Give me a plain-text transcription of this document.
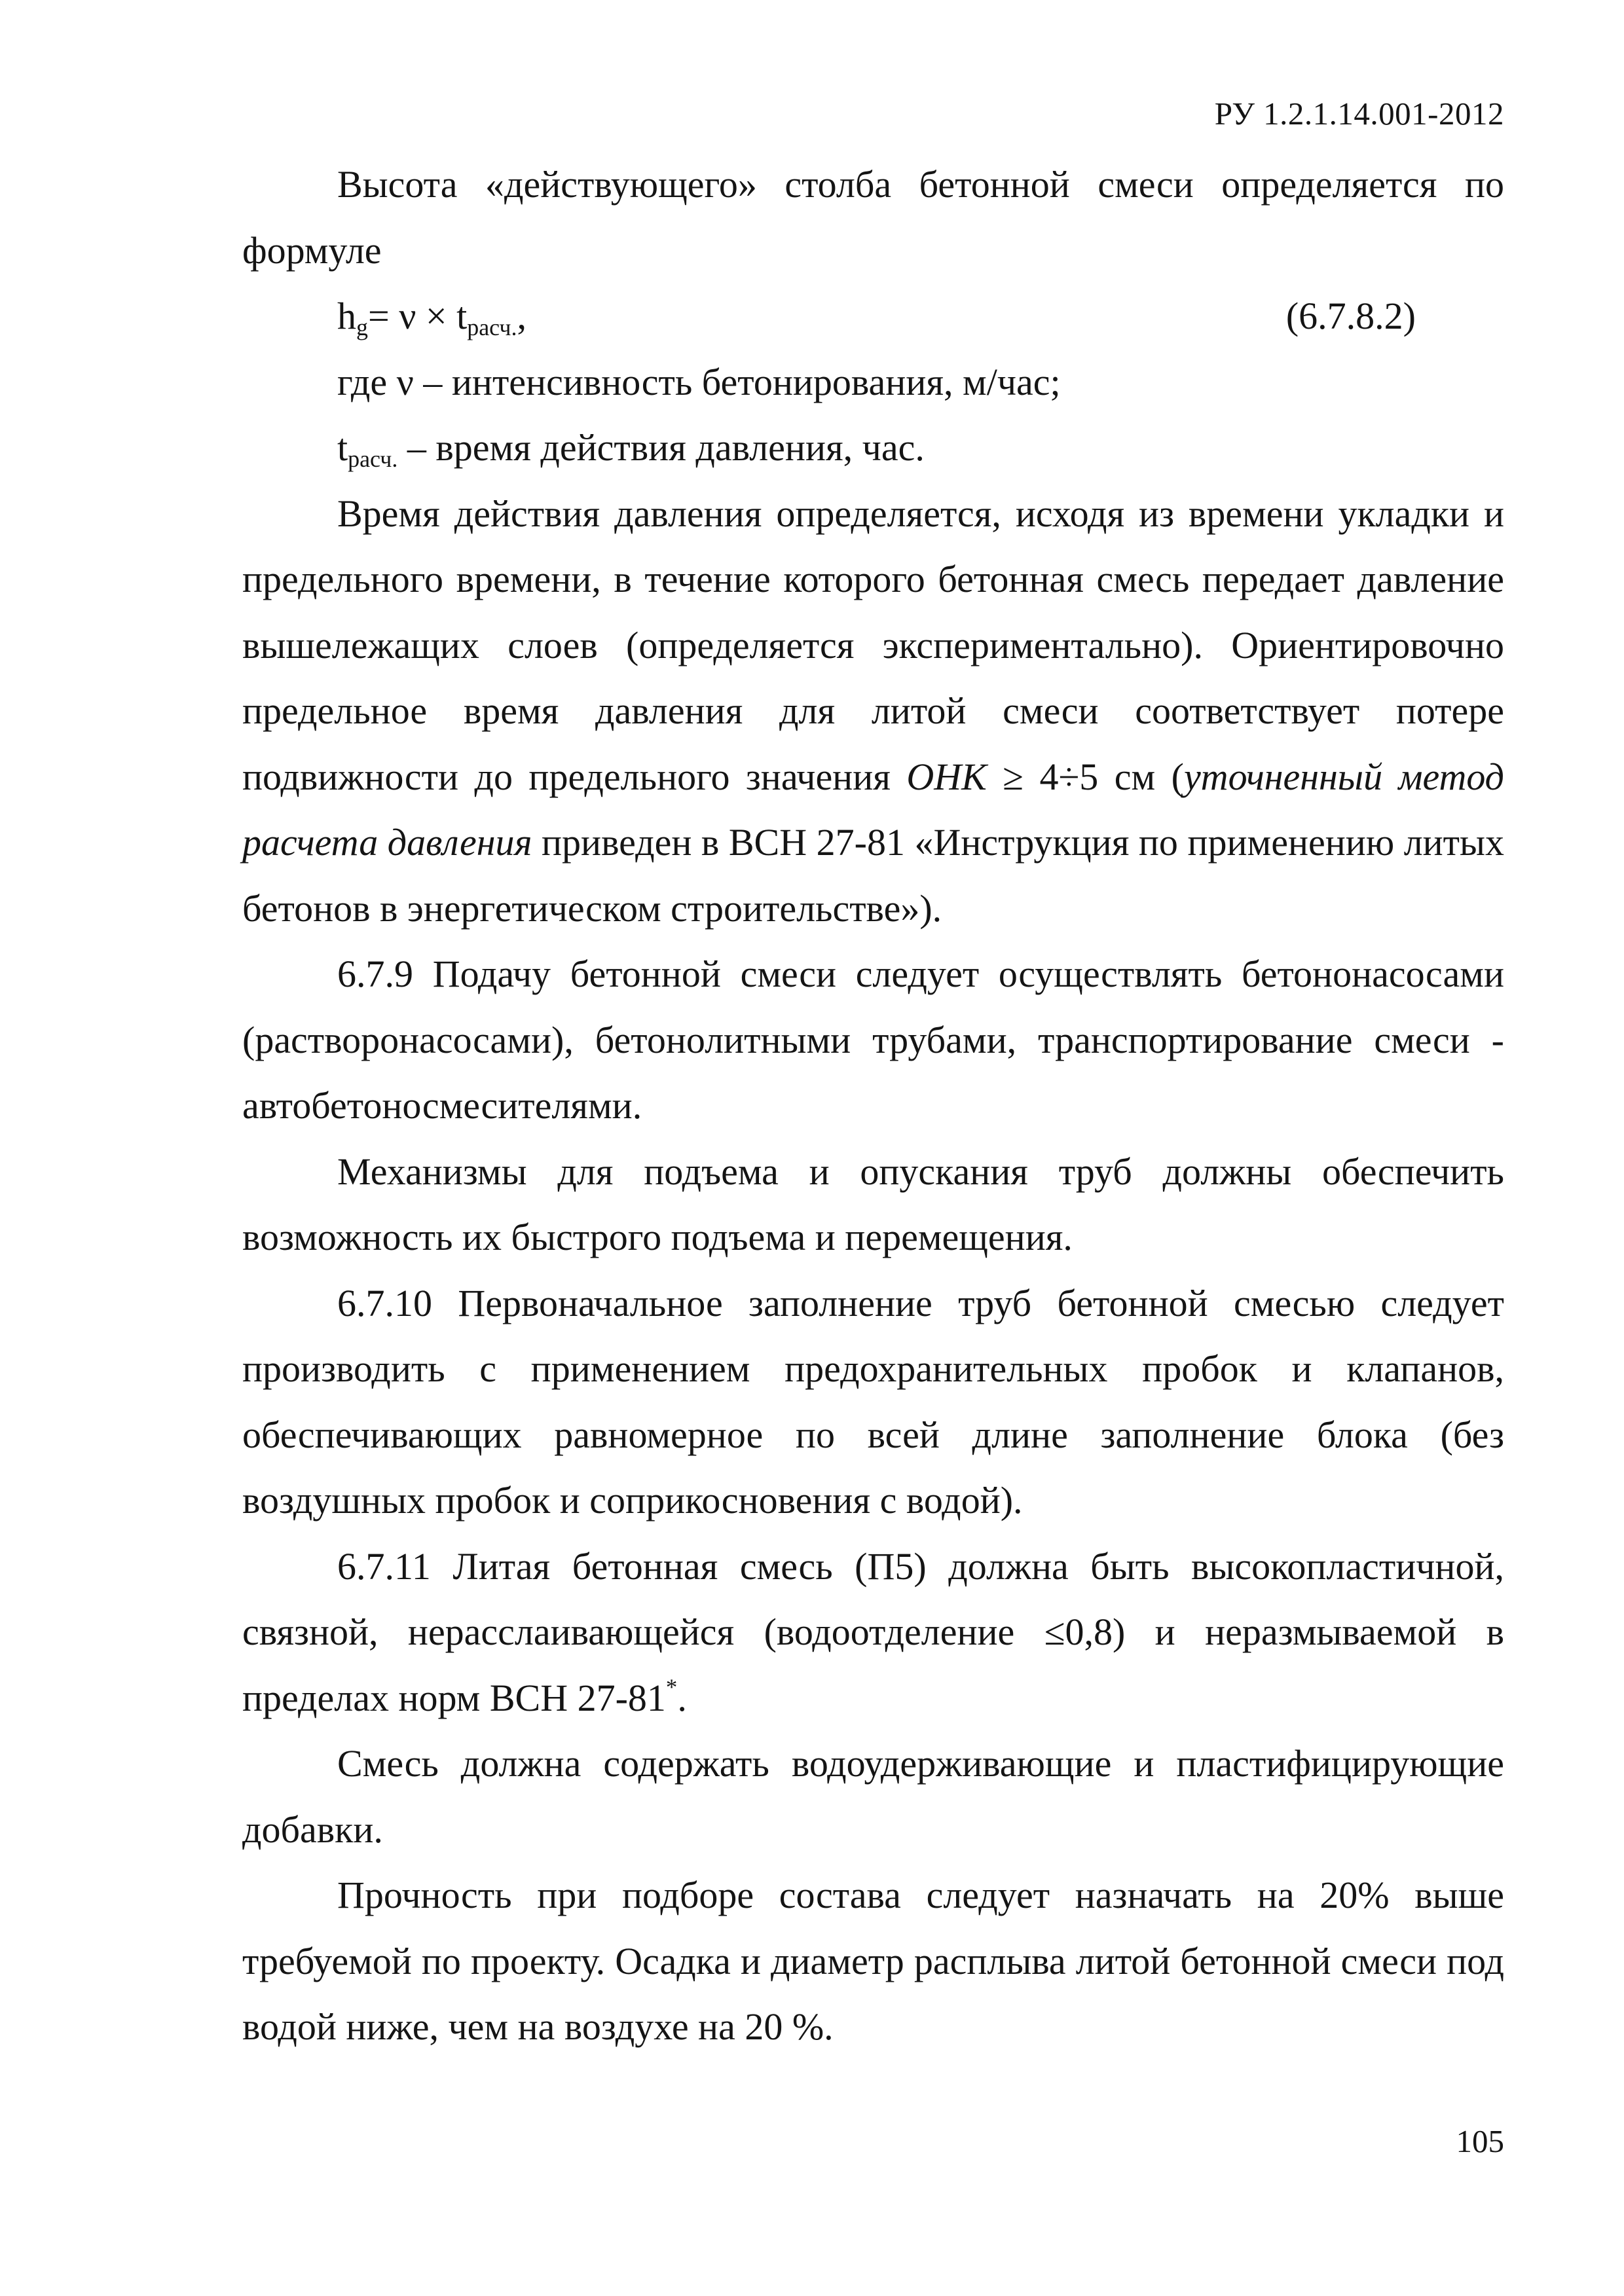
РУ 1.2.1.14.001-2012

Высота «действующего» столба бетонной смеси определяется по формуле

$h_g= \nu \times t_{расч.}$,	(6.7.8.2)
где ν – интенсивность бетонирования, м/час;
$t_{расч.}$ – время действия давления, час.

Время действия давления определяется, исходя из времени укладки и предельного времени, в течение которого бетонная смесь передает давление вышележащих слоев (определяется экспериментально). Ориентировочно предельное время давления для литой смеси соответствует потере подвижности до предельного значения ОНК ≥ 4÷5 см (уточненный метод расчета давления приведен в ВСН 27-81 «Инструкция по применению литых бетонов в энергетическом строительстве»).

6.7.9 Подачу бетонной смеси следует осуществлять бетононасосами (растворонасосами), бетонолитными трубами, транспортирование смеси - автобетоносмесителями.

Механизмы для подъема и опускания труб должны обеспечить возможность их быстрого подъема и перемещения.

6.7.10 Первоначальное заполнение труб бетонной смесью следует производить с применением предохранительных пробок и клапанов, обеспечивающих равномерное по всей длине заполнение блока (без воздушных пробок и соприкосновения с водой).

6.7.11 Литая бетонная смесь (П5) должна быть высокопластичной, связной, нерасслаивающейся (водоотделение ≤0,8) и неразмываемой в пределах норм ВСН 27-81*.

Смесь должна содержать водоудерживающие и пластифицирующие добавки.

Прочность при подборе состава следует назначать на 20% выше требуемой по проекту. Осадка и диаметр расплыва литой бетонной смеси под водой ниже, чем на воздухе на 20 %.

105
